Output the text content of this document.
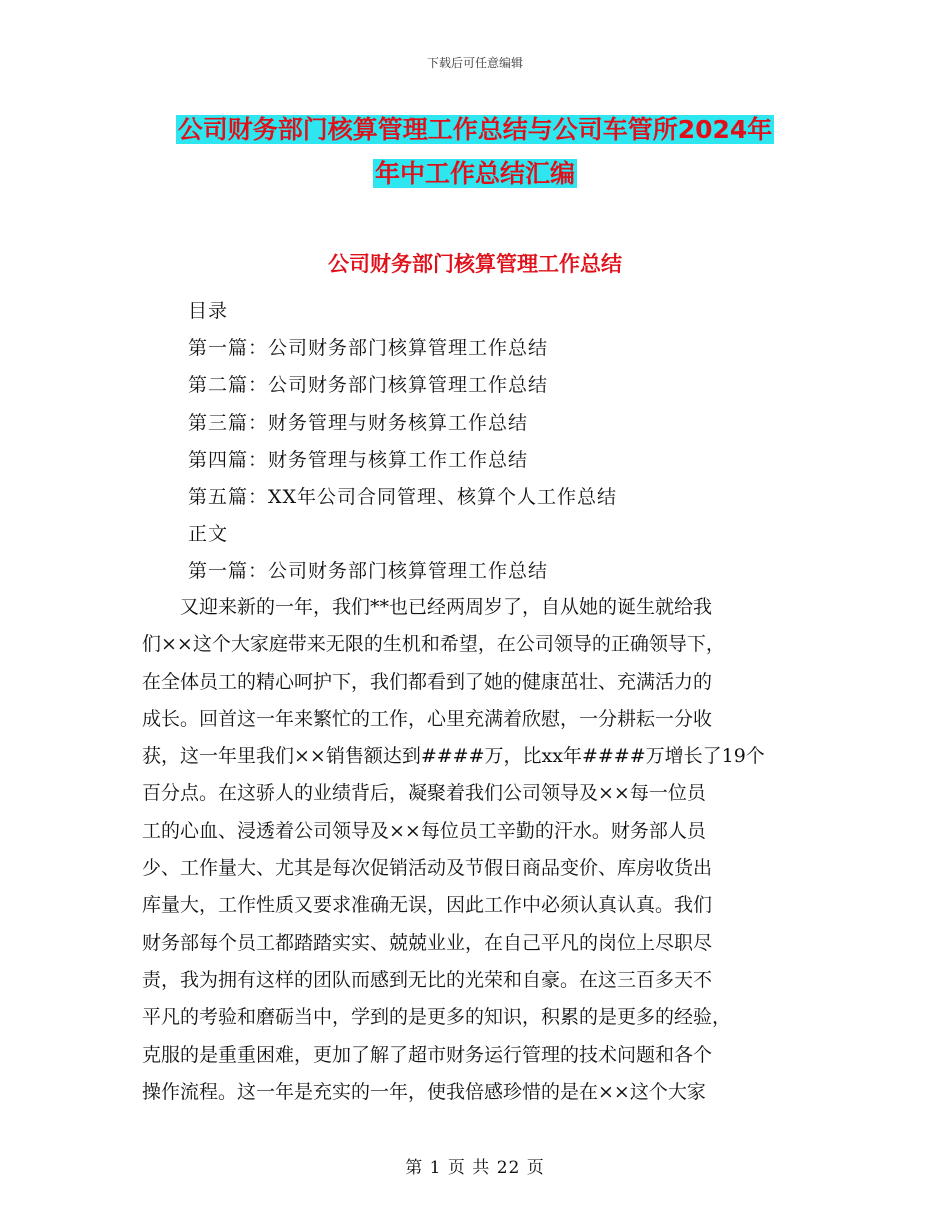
下载后可任意编辑
公司财务部门核算管理工作总结与公司车管所2024年
年中工作总结汇编
公司财务部门核算管理工作总结
目录
第一篇：公司财务部门核算管理工作总结
第二篇：公司财务部门核算管理工作总结
第三篇：财务管理与财务核算工作总结
第四篇：财务管理与核算工作工作总结
第五篇：XX年公司合同管理、核算个人工作总结
正文
第一篇：公司财务部门核算管理工作总结
　　又迎来新的一年，我们**也已经两周岁了，自从她的诞生就给我
们××这个大家庭带来无限的生机和希望，在公司领导的正确领导下，
在全体员工的精心呵护下，我们都看到了她的健康茁壮、充满活力的
成长。回首这一年来繁忙的工作，心里充满着欣慰，一分耕耘一分收
获，这一年里我们××销售额达到####万，比xx年####万增长了19个
百分点。在这骄人的业绩背后，凝聚着我们公司领导及××每一位员
工的心血、浸透着公司领导及××每位员工辛勤的汗水。财务部人员
少、工作量大、尤其是每次促销活动及节假日商品变价、库房收货出
库量大，工作性质又要求准确无误，因此工作中必须认真认真。我们
财务部每个员工都踏踏实实、兢兢业业，在自己平凡的岗位上尽职尽
责，我为拥有这样的团队而感到无比的光荣和自豪。在这三百多天不
平凡的考验和磨砺当中，学到的是更多的知识，积累的是更多的经验，
克服的是重重困难，更加了解了超市财务运行管理的技术问题和各个
操作流程。这一年是充实的一年，使我倍感珍惜的是在××这个大家
第 1 页 共 22 页
